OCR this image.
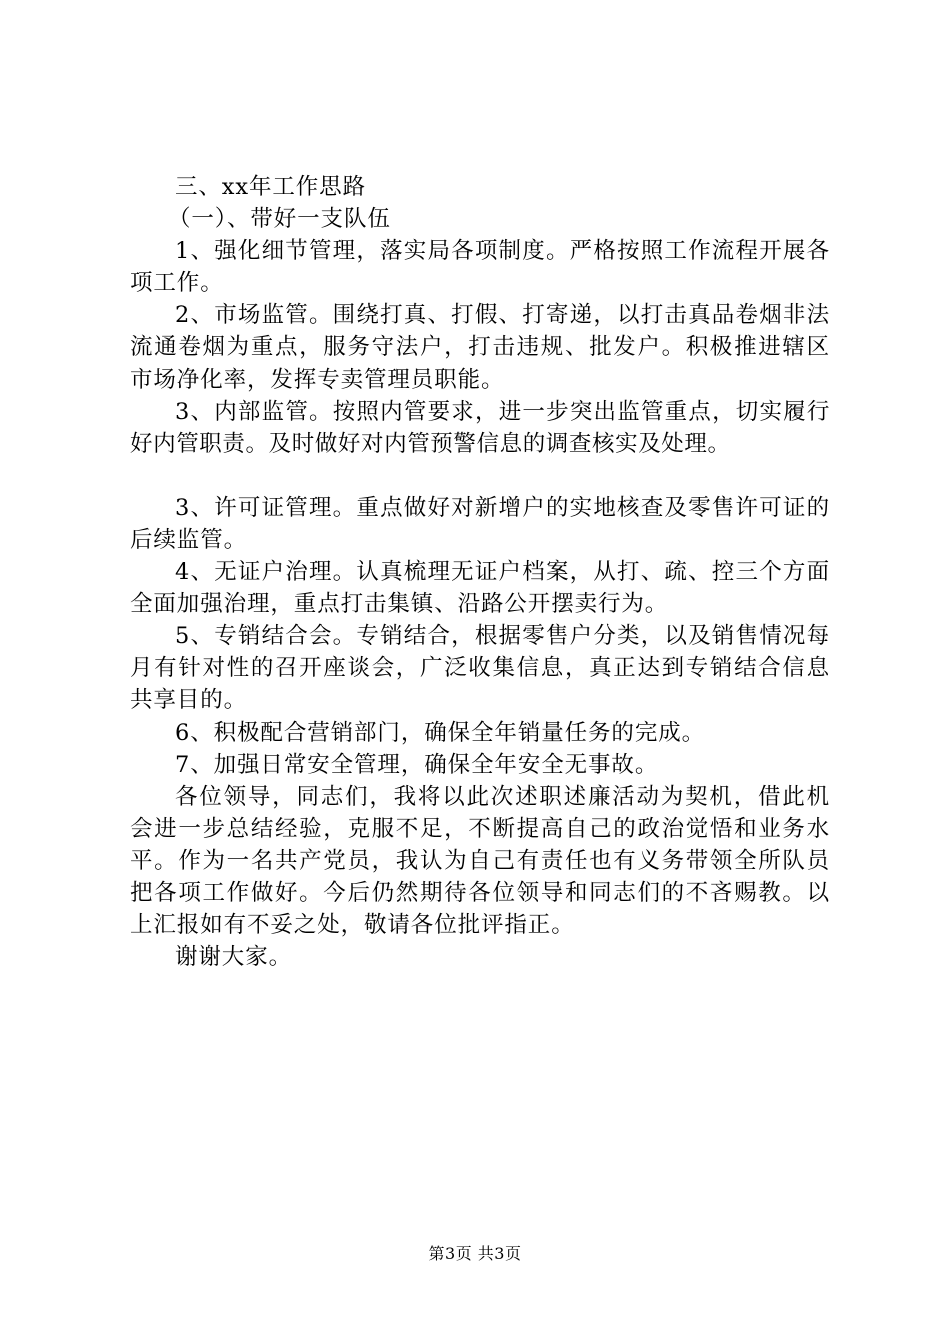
三、xx年工作思路

（一）、带好一支队伍

1、强化细节管理，落实局各项制度。严格按照工作流程开展各项工作。

2、市场监管。围绕打真、打假、打寄递，以打击真品卷烟非法流通卷烟为重点，服务守法户，打击违规、批发户。积极推进辖区市场净化率，发挥专卖管理员职能。

3、内部监管。按照内管要求，进一步突出监管重点，切实履行好内管职责。及时做好对内管预警信息的调查核实及处理。

3、许可证管理。重点做好对新增户的实地核查及零售许可证的后续监管。

4、无证户治理。认真梳理无证户档案，从打、疏、控三个方面全面加强治理，重点打击集镇、沿路公开摆卖行为。

5、专销结合会。专销结合，根据零售户分类，以及销售情况每月有针对性的召开座谈会，广泛收集信息，真正达到专销结合信息共享目的。

6、积极配合营销部门，确保全年销量任务的完成。

7、加强日常安全管理，确保全年安全无事故。

各位领导，同志们，我将以此次述职述廉活动为契机，借此机会进一步总结经验，克服不足，不断提高自己的政治觉悟和业务水平。作为一名共产党员，我认为自己有责任也有义务带领全所队员把各项工作做好。今后仍然期待各位领导和同志们的不吝赐教。以上汇报如有不妥之处，敬请各位批评指正。

谢谢大家。

第3页 共3页
